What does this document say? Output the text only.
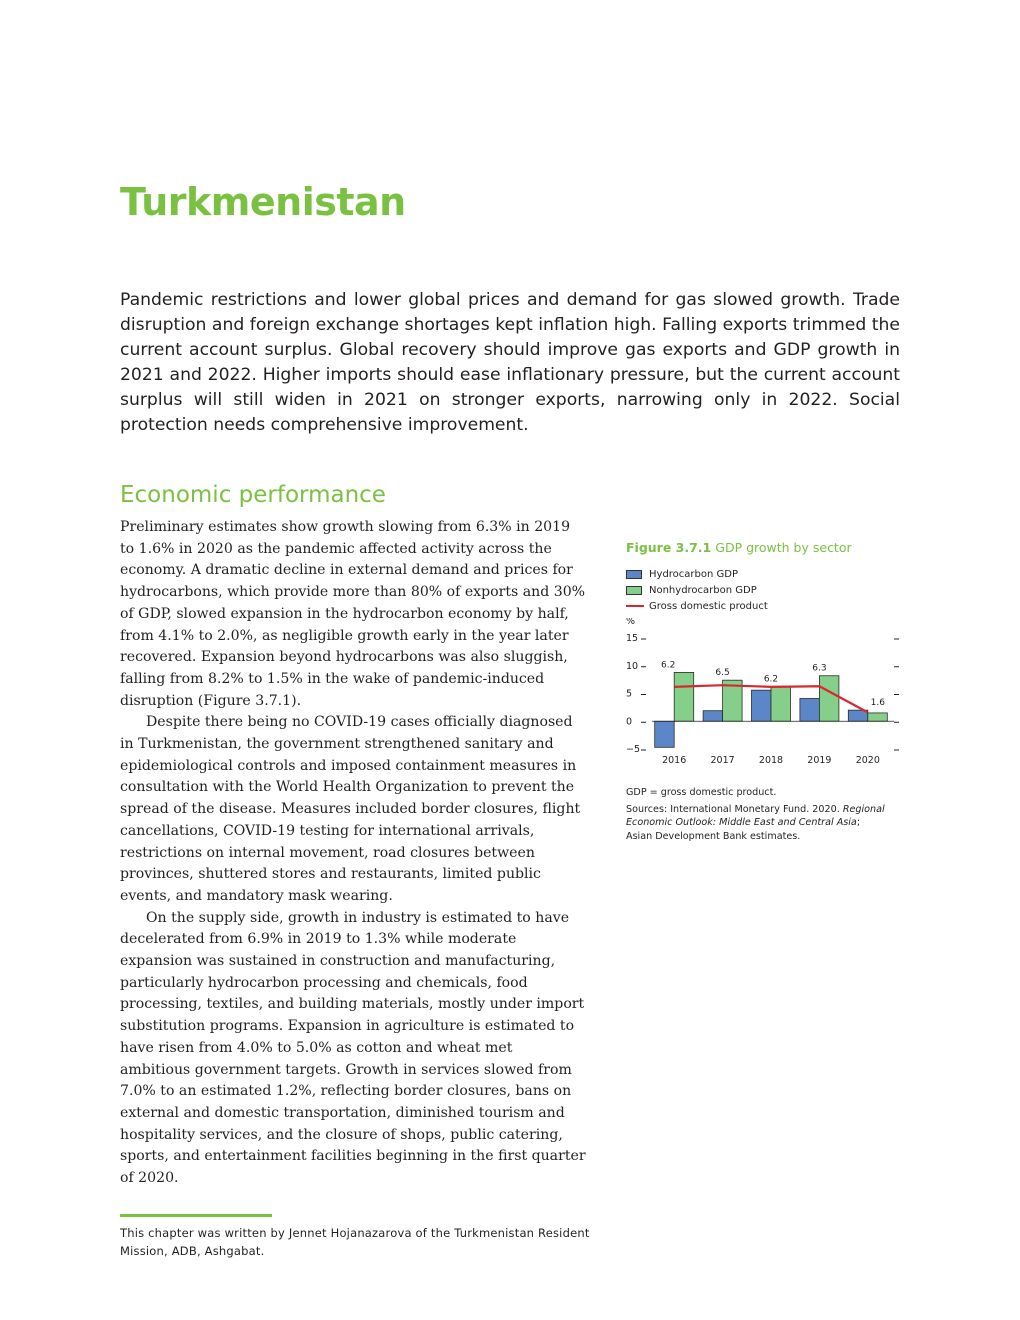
Turkmenistan

Pandemic restrictions and lower global prices and demand for gas slowed growth. Trade disruption and foreign exchange shortages kept inflation high. Falling exports trimmed the current account surplus. Global recovery should improve gas exports and GDP growth in 2021 and 2022. Higher imports should ease inflationary pressure, but the current account surplus will still widen in 2021 on stronger exports, narrowing only in 2022. Social protection needs comprehensive improvement.

Economic performance

Preliminary estimates show growth slowing from 6.3% in 2019 to 1.6% in 2020 as the pandemic affected activity across the economy. A dramatic decline in external demand and prices for hydrocarbons, which provide more than 80% of exports and 30% of GDP, slowed expansion in the hydrocarbon economy by half, from 4.1% to 2.0%, as negligible growth early in the year later recovered. Expansion beyond hydrocarbons was also sluggish, falling from 8.2% to 1.5% in the wake of pandemic-induced disruption (Figure 3.7.1).

Despite there being no COVID-19 cases officially diagnosed in Turkmenistan, the government strengthened sanitary and epidemiological controls and imposed containment measures in consultation with the World Health Organization to prevent the spread of the disease. Measures included border closures, flight cancellations, COVID-19 testing for international arrivals, restrictions on internal movement, road closures between provinces, shuttered stores and restaurants, limited public events, and mandatory mask wearing.

On the supply side, growth in industry is estimated to have decelerated from 6.9% in 2019 to 1.3% while moderate expansion was sustained in construction and manufacturing, particularly hydrocarbon processing and chemicals, food processing, textiles, and building materials, mostly under import substitution programs. Expansion in agriculture is estimated to have risen from 4.0% to 5.0% as cotton and wheat met ambitious government targets. Growth in services slowed from 7.0% to an estimated 1.2%, reflecting border closures, bans on external and domestic transportation, diminished tourism and hospitality services, and the closure of shops, public catering, sports, and entertainment facilities beginning in the first quarter of 2020.

This chapter was written by Jennet Hojanazarova of the Turkmenistan Resident Mission, ADB, Ashgabat.

Figure 3.7.1 GDP growth by sector

Hydrocarbon GDP
Nonhydrocarbon GDP
Gross domestic product
%
15
10
5
0
−5
2016	2017	2018	2019	2020
6.2
6.5
6.2
6.3
1.6

GDP = gross domestic product.

Sources: International Monetary Fund. 2020. Regional Economic Outlook: Middle East and Central Asia; Asian Development Bank estimates.
